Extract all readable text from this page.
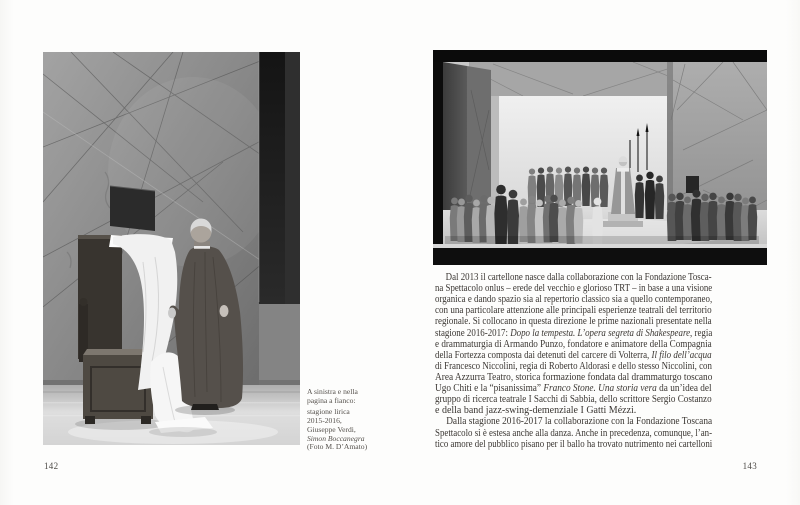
A sinistra e nella
pagina a fianco:
stagione lirica
2015-2016,
Giuseppe Verdi,
Simon Boccanegra
(Foto M. D’Amato)
142
Dal 2013 il cartellone nasce dalla collaborazione con la Fondazione Tosca-
na Spettacolo onlus – erede del vecchio e glorioso TRT – in base a una visione
organica e dando spazio sia al repertorio classico sia a quello contemporaneo,
con una particolare attenzione alle principali esperienze teatrali del territorio
regionale. Si collocano in questa direzione le prime nazionali presentate nella
stagione 2016-2017: Dopo la tempesta. L’opera segreta di Shakespeare, regia
e drammaturgia di Armando Punzo, fondatore e animatore della Compagnia
della Fortezza composta dai detenuti del carcere di Volterra, Il filo dell’acqua
di Francesco Niccolini, regia di Roberto Aldorasi e dello stesso Niccolini, con
Area Azzurra Teatro, storica formazione fondata dal drammaturgo toscano
Ugo Chiti e la “pisanissima” Franco Stone. Una storia vera da un’idea del
gruppo di ricerca teatrale I Sacchi di Sabbia, dello scrittore Sergio Costanzo
e della band jazz-swing-demenziale I Gatti Mézzi.
Dalla stagione 2016-2017 la collaborazione con la Fondazione Toscana
Spettacolo si è estesa anche alla danza. Anche in precedenza, comunque, l’an-
tico amore del pubblico pisano per il ballo ha trovato nutrimento nei cartelloni
143
